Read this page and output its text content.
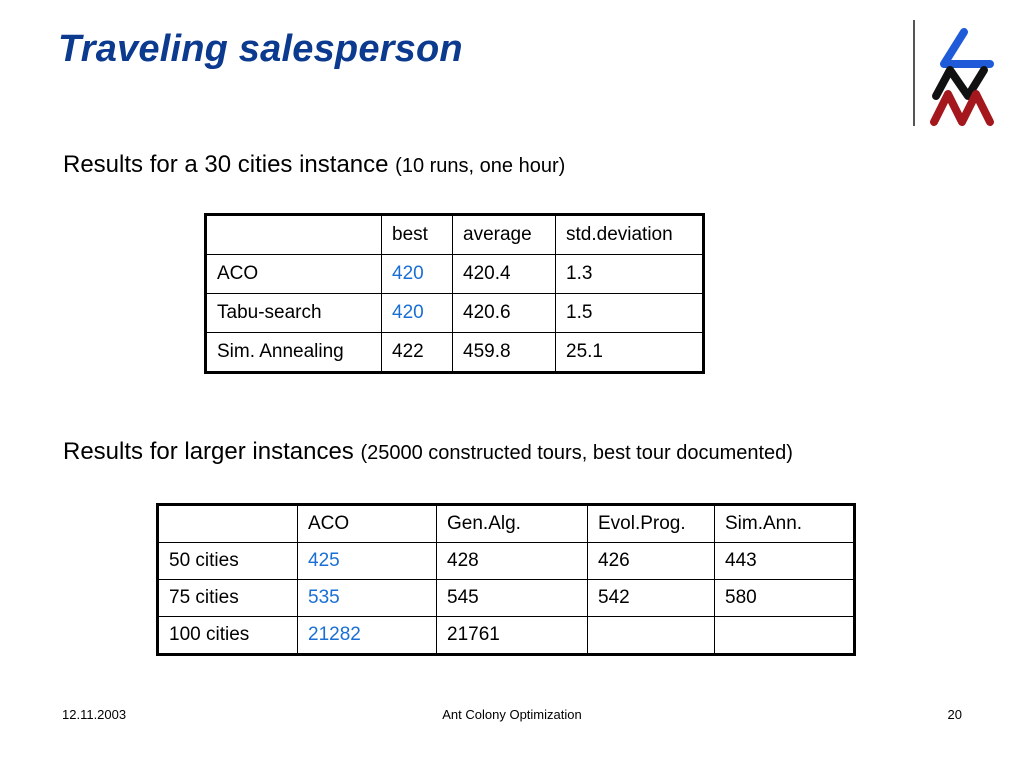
Traveling salesperson
Results for a 30 cities instance (10 runs, one hour)
	best	average	std.deviation
ACO	420	420.4	1.3
Tabu-search	420	420.6	1.5
Sim. Annealing	422	459.8	25.1
Results for larger instances (25000 constructed tours, best tour documented)
	ACO	Gen.Alg.	Evol.Prog.	Sim.Ann.
50 cities	425	428	426	443
75 cities	535	545	542	580
100 cities	21282	21761		
12.11.2003	Ant Colony Optimization	20
